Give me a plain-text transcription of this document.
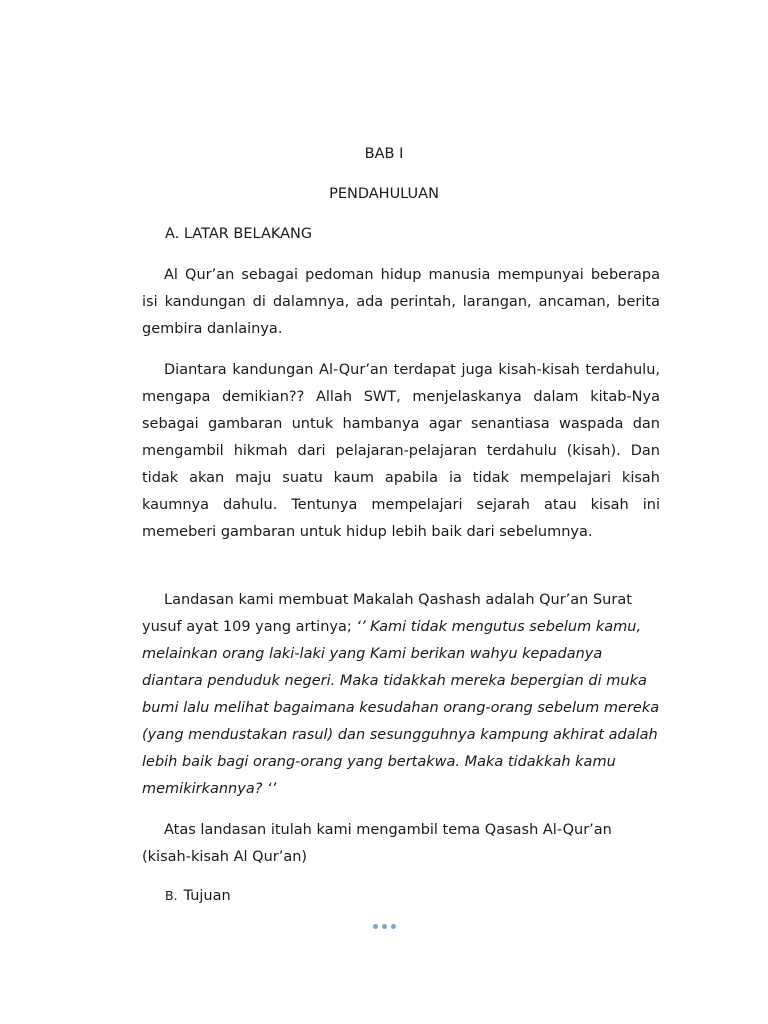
BAB I
PENDAHULUAN
A. LATAR BELAKANG

Al Qur’an sebagai pedoman hidup manusia mempunyai beberapa isi kandungan di dalamnya, ada perintah, larangan, ancaman, berita gembira danlainya.

Diantara kandungan Al-Qur’an terdapat juga kisah-kisah terdahulu, mengapa demikian?? Allah SWT, menjelaskanya dalam kitab-Nya sebagai gambaran untuk hambanya agar senantiasa waspada dan mengambil hikmah dari pelajaran-pelajaran terdahulu (kisah). Dan tidak akan maju suatu kaum apabila ia tidak mempelajari kisah kaumnya dahulu. Tentunya mempelajari sejarah atau kisah ini memeberi gambaran untuk hidup lebih baik dari sebelumnya.

Landasan kami membuat Makalah Qashash adalah Qur’an Surat yusuf ayat 109 yang artinya; ‘’ Kami tidak mengutus sebelum kamu, melainkan orang laki-laki yang Kami berikan wahyu kepadanya diantara penduduk negeri. Maka tidakkah mereka bepergian di muka bumi lalu melihat bagaimana kesudahan orang-orang sebelum mereka (yang mendustakan rasul) dan sesungguhnya kampung akhirat adalah lebih baik bagi orang-orang yang bertakwa. Maka tidakkah kamu memikirkannya? ‘’

Atas landasan itulah kami mengambil tema Qasash Al-Qur’an (kisah-kisah Al Qur’an)

B. Tujuan
